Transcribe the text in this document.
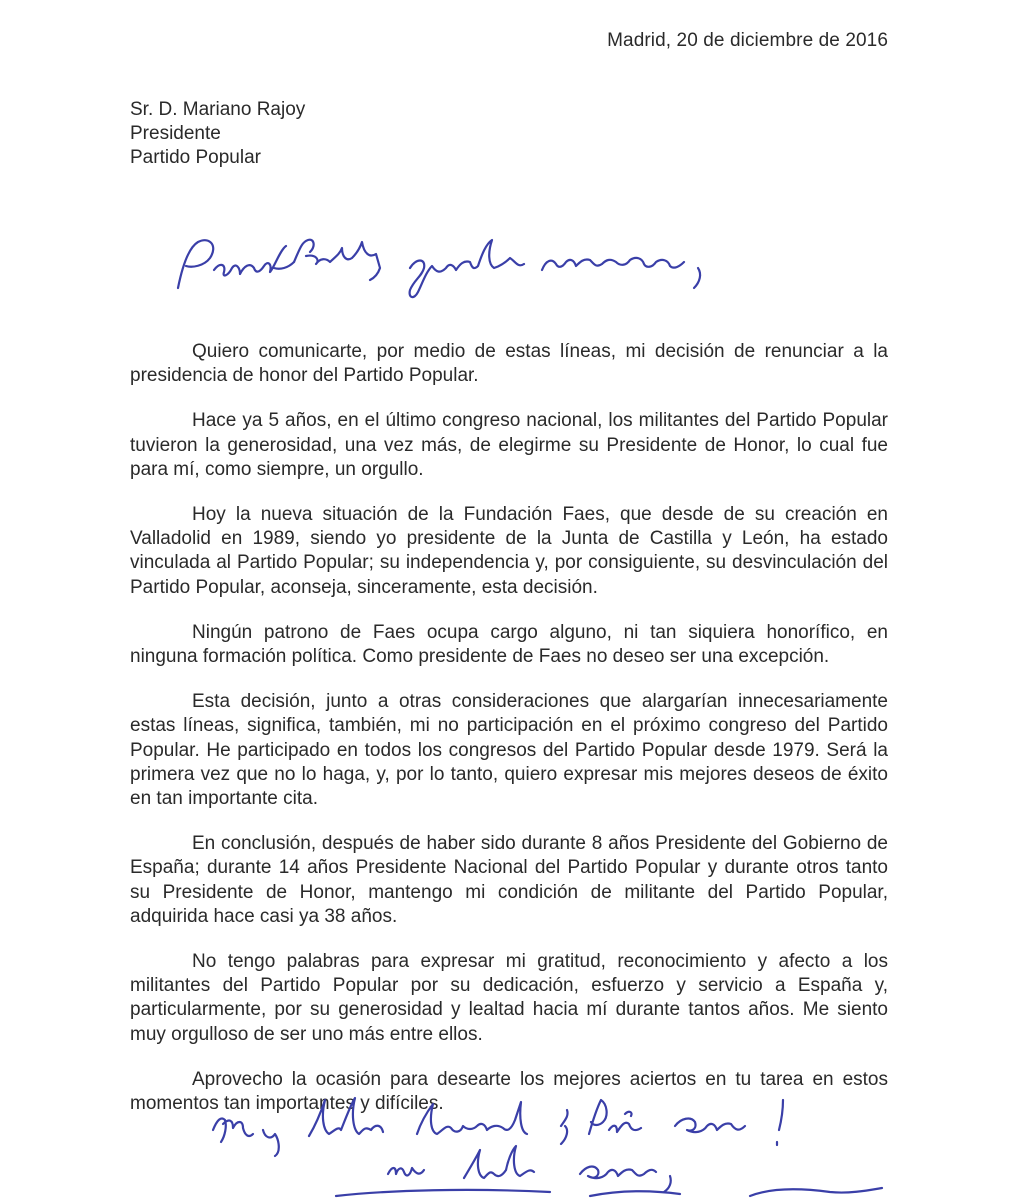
Madrid, 20 de diciembre de 2016
Sr. D. Mariano Rajoy
Presidente
Partido Popular

Quiero comunicarte, por medio de estas líneas, mi decisión de renunciar a la presidencia de honor del Partido Popular.

Hace ya 5 años, en el último congreso nacional, los militantes del Partido Popular tuvieron la generosidad, una vez más, de elegirme su Presidente de Honor, lo cual fue para mí, como siempre, un orgullo.

Hoy la nueva situación de la Fundación Faes, que desde de su creación en Valladolid en 1989, siendo yo presidente de la Junta de Castilla y León, ha estado vinculada al Partido Popular; su independencia y, por consiguiente, su desvinculación del Partido Popular, aconseja, sinceramente, esta decisión.

Ningún patrono de Faes ocupa cargo alguno, ni tan siquiera honorífico, en ninguna formación política. Como presidente de Faes no deseo ser una excepción.

Esta decisión, junto a otras consideraciones que alargarían innecesariamente estas líneas, significa, también, mi no participación en el próximo congreso del Partido Popular. He participado en todos los congresos del Partido Popular desde 1979. Será la primera vez que no lo haga, y, por lo tanto, quiero expresar mis mejores deseos de éxito en tan importante cita.

En conclusión, después de haber sido durante 8 años Presidente del Gobierno de España; durante 14 años Presidente Nacional del Partido Popular y durante otros tanto su Presidente de Honor, mantengo mi condición de militante del Partido Popular, adquirida hace casi ya 38 años.

No tengo palabras para expresar mi gratitud, reconocimiento y afecto a los militantes del Partido Popular por su dedicación, esfuerzo y servicio a España y, particularmente, por su generosidad y lealtad hacia mí durante tantos años. Me siento muy orgulloso de ser uno más entre ellos.

Aprovecho la ocasión para desearte los mejores aciertos en tu tarea en estos momentos tan importantes y difíciles.
